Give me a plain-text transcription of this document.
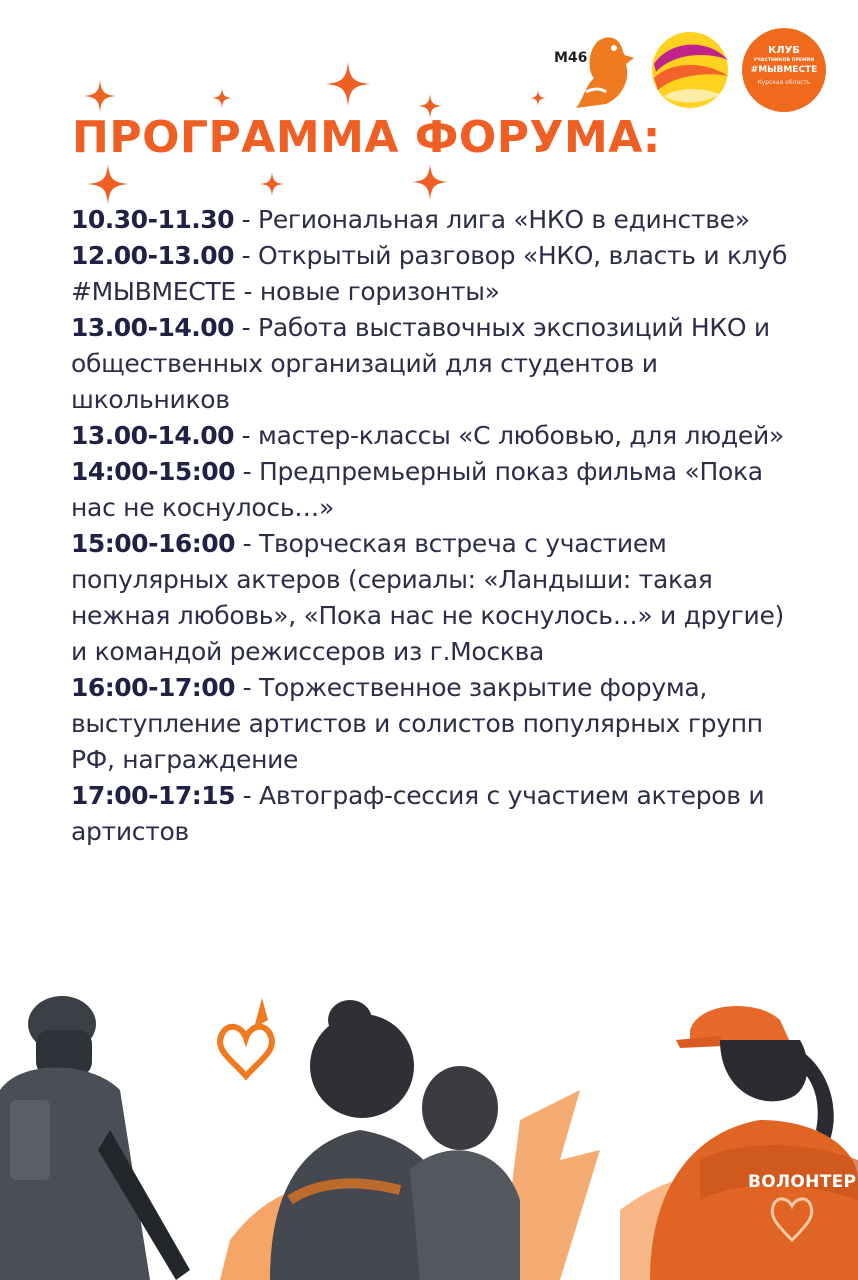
М46	КЛУБ
УЧАСТНИКОВ ПРЕМИИ
#МЫВМЕСТЕ
Курская область
ПРОГРАММА ФОРУМА:

10.30-11.30 - Региональная лига «НКО в единстве»

12.00-13.00 - Открытый разговор «НКО, власть и клуб #МЫВМЕСТЕ - новые горизонты»

13.00-14.00 - Работа выставочных экспозиций НКО и общественных организаций для студентов и школьников

13.00-14.00 - мастер-классы «С любовью, для людей»

14:00-15:00 - Предпремьерный показ фильма «Пока нас не коснулось…»

15:00-16:00 - Творческая встреча с участием популярных актеров (сериалы: «Ландыши: такая нежная любовь», «Пока нас не коснулось…» и другие) и командой режиссеров из г.Москва

16:00-17:00 - Торжественное закрытие форума, выступление артистов и солистов популярных групп РФ, награждение

17:00-17:15 - Автограф-сессия с участием актеров и артистов

ВОЛОНТЕР
